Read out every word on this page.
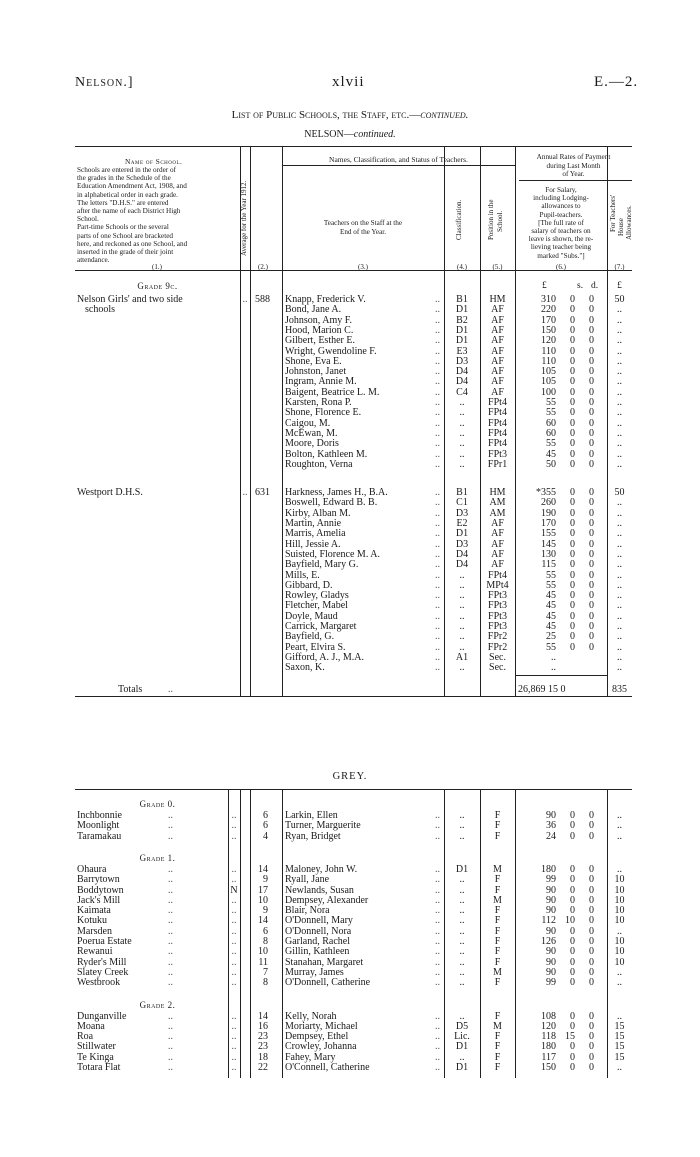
Nelson.]	xlvii	E.—2.
List of Public Schools, the Staff, etc.—continued.
NELSON—continued.
Name of School.
Schools are entered in the order of
the grades in the Schedule of the
Education Amendment Act, 1908, and
in alphabetical order in each grade.
The letters "D.H.S." are entered
after the name of each District High
School.
Part-time Schools or the several
parts of one School are bracketed
here, and reckoned as one School, and
inserted in the grade of their joint
attendance.
(1.)
Average for the Year 1912.
(2.)
Names, Classification, and Status of Teachers.
Teachers on the Staff at the
End of the Year.
(3.)
Classification.
(4.)
Position in the School.
(5.)
Annual Rates of Payment
during Last Month
of Year.
For Salary,
including Lodging-
allowances to
Pupil-teachers.
[The full rate of
salary of teachers on
leave is shown, the re-
lieving teacher being
marked "Subs."]
(6.)
For Teachers' House Allowances.
(7.)
£	s. d.	£
Grade 9c.
Nelson Girls' and two side
schools
.. 588 Knapp, Frederick V.	..	B1	HM	310 0 0	50
Bond, Jane A.	..	D1	AF	220 0 0	..
Johnson, Amy F.	..	B2	AF	170 0 0	..
Hood, Marion C.	..	D1	AF	150 0 0	..
Gilbert, Esther E.	..	D1	AF	120 0 0	..
Wright, Gwendoline F.	..	E3	AF	110 0 0	..
Shone, Eva E.	..	D3	AF	110 0 0	..
Johnston, Janet	..	D4	AF	105 0 0	..
Ingram, Annie M.	..	D4	AF	105 0 0	..
Baigent, Beatrice L. M.	..	C4	AF	100 0 0	..
Karsten, Rona P.	..	..	FPt4	55 0 0	..
Shone, Florence E.	..	..	FPt4	55 0 0	..
Caigou, M.	..	..	FPt4	60 0 0	..
McEwan, M.	..	..	FPt4	60 0 0	..
Moore, Doris	..	..	FPt4	55 0 0	..
Bolton, Kathleen M.	..	..	FPt3	45 0 0	..
Roughton, Verna	..	..	FPr1	50 0 0	..
Westport D.H.S.	.. 631 Harkness, James H., B.A.	..	B1	HM	*355 0 0	50
Boswell, Edward B. B.	..	C1	AM	260 0 0	..
Kirby, Alban M.	..	D3	AM	190 0 0	..
Martin, Annie	..	E2	AF	170 0 0	..
Marris, Amelia	..	D1	AF	155 0 0	..
Hill, Jessie A.	..	D3	AF	145 0 0	..
Suisted, Florence M. A.	..	D4	AF	130 0 0	..
Bayfield, Mary G.	..	D4	AF	115 0 0	..
Mills, E.	..	..	FPt4	55 0 0	..
Gibbard, D.	..	..	MPt4	55 0 0	..
Rowley, Gladys	..	..	FPt3	45 0 0	..
Fletcher, Mabel	..	..	FPt3	45 0 0	..
Doyle, Maud	..	..	FPt3	45 0 0	..
Carrick, Margaret	..	..	FPt3	45 0 0	..
Bayfield, G.	..	..	FPr2	25 0 0	..
Peart, Elvira S.	..	..	FPr2	55 0 0	..
Gifford, A. J., M.A.	..	A1	Sec.	..	..
Saxon, K.	..	..	Sec.	..	..
Totals	..	26,869 15 0	835
GREY.
Grade 0.
Inchbonnie	..	..	6 Larkin, Ellen	..	..	F	90 0 0	..
Moonlight	..	..	6 Turner, Marguerite	..	..	F	36 0 0	..
Taramakau	..	..	4 Ryan, Bridget	..	..	F	24 0 0	..
Grade 1.
Ohaura	..	..	14 Maloney, John W.	..	D1	M	180 0 0	..
Barrytown	..	..	9 Ryall, Jane	..	..	F	99 0 0	10
Boddytown	..	N 17 Newlands, Susan	..	..	F	90 0 0	10
Jack's Mill	..	..	10 Dempsey, Alexander	..	..	M	90 0 0	10
Kaimata	..	..	9 Blair, Nora	..	..	F	90 0 0	10
Kotuku	..	..	14 O'Donnell, Mary	..	..	F	112 10 0	10
Marsden	..	..	6 O'Donnell, Nora	..	..	F	90 0 0	..
Poerua Estate	..	..	8 Garland, Rachel	..	..	F	126 0 0	10
Rewanui	..	..	10 Gillin, Kathleen	..	..	F	90 0 0	10
Ryder's Mill	..	..	11 Stanahan, Margaret	..	..	F	90 0 0	10
Slatey Creek	..	..	7 Murray, James	..	..	M	90 0 0	..
Westbrook	..	..	8 O'Donnell, Catherine	..	..	F	99 0 0	..
Grade 2.
Dunganville	..	..	14 Kelly, Norah	..	..	F	108 0 0	..
Moana	..	..	16 Moriarty, Michael	..	D5	M	120 0 0	15
Roa	..	..	23 Dempsey, Ethel	..	Lic.	F	118 15 0	15
Stillwater	..	..	23 Crowley, Johanna	..	D1	F	180 0 0	15
Te Kinga	..	..	18 Fahey, Mary	..	..	F	117 0 0	15
Totara Flat	..	..	22 O'Connell, Catherine	..	D1	F	150 0 0	..
